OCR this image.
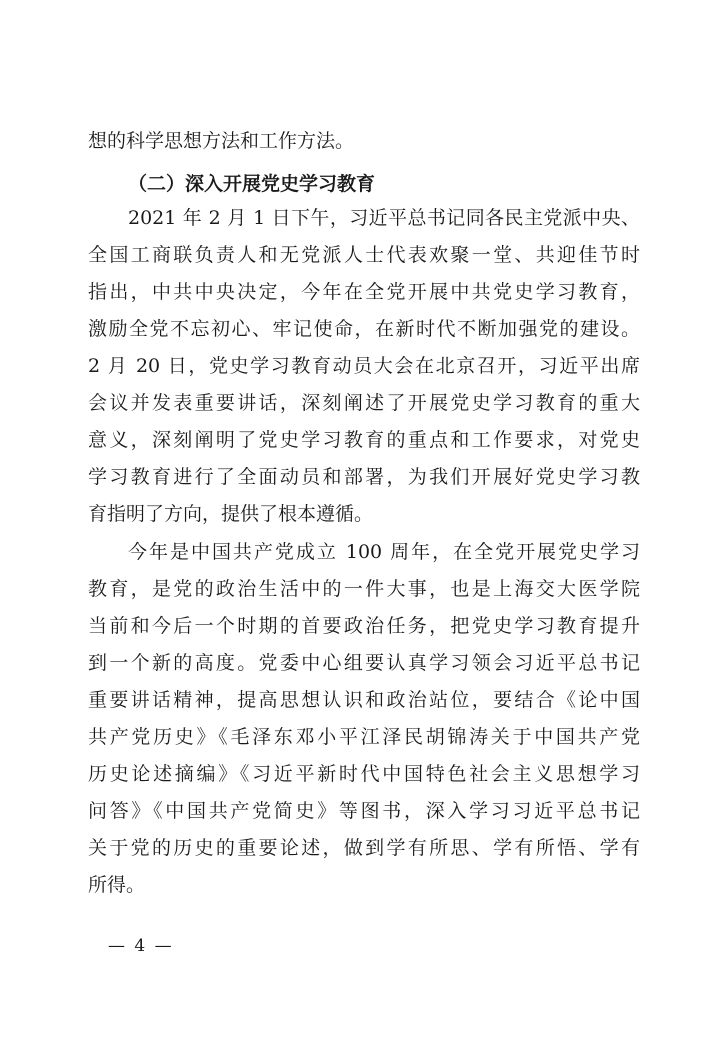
想的科学思想方法和工作方法。
（二）深入开展党史学习教育
2021 年 2 月 1 日下午，习近平总书记同各民主党派中央、
全国工商联负责人和无党派人士代表欢聚一堂、共迎佳节时
指出，中共中央决定，今年在全党开展中共党史学习教育，
激励全党不忘初心、牢记使命，在新时代不断加强党的建设。
2 月 20 日，党史学习教育动员大会在北京召开，习近平出席
会议并发表重要讲话，深刻阐述了开展党史学习教育的重大
意义，深刻阐明了党史学习教育的重点和工作要求，对党史
学习教育进行了全面动员和部署，为我们开展好党史学习教
育指明了方向，提供了根本遵循。
今年是中国共产党成立 100 周年，在全党开展党史学习
教育，是党的政治生活中的一件大事，也是上海交大医学院
当前和今后一个时期的首要政治任务，把党史学习教育提升
到一个新的高度。党委中心组要认真学习领会习近平总书记
重要讲话精神，提高思想认识和政治站位，要结合《论中国
共产党历史》《毛泽东邓小平江泽民胡锦涛关于中国共产党
历史论述摘编》《习近平新时代中国特色社会主义思想学习
问答》《中国共产党简史》等图书，深入学习习近平总书记
关于党的历史的重要论述，做到学有所思、学有所悟、学有
所得。
— 4 —
